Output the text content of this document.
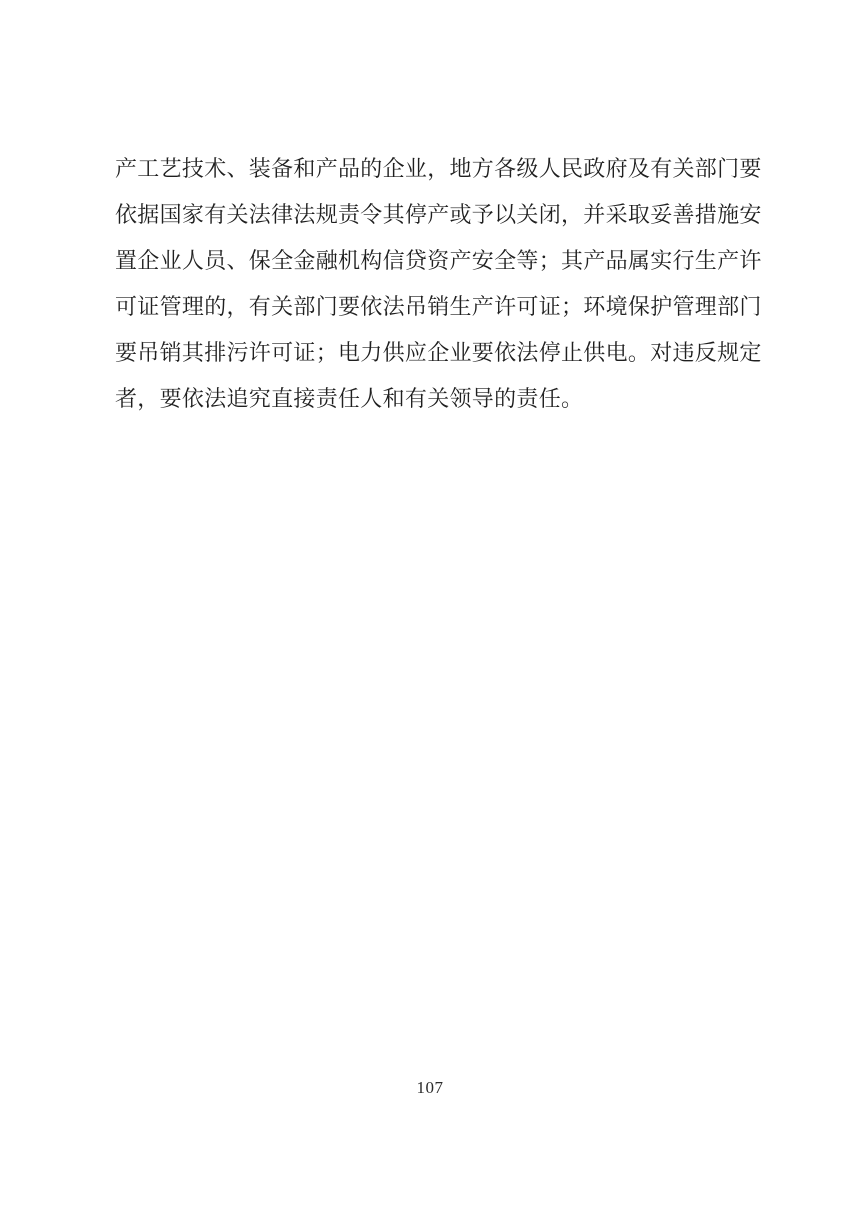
产工艺技术、装备和产品的企业，地方各级人民政府及有关部门要
依据国家有关法律法规责令其停产或予以关闭，并采取妥善措施安
置企业人员、保全金融机构信贷资产安全等；其产品属实行生产许
可证管理的，有关部门要依法吊销生产许可证；环境保护管理部门
要吊销其排污许可证；电力供应企业要依法停止供电。对违反规定
者，要依法追究直接责任人和有关领导的责任。
107
